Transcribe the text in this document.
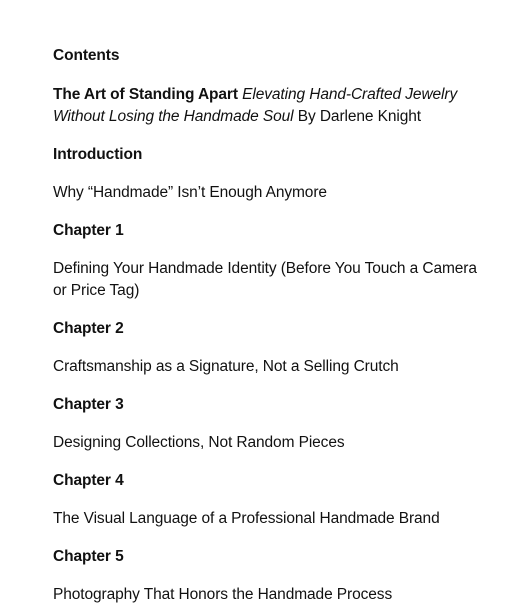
Contents

The Art of Standing Apart Elevating Hand-Crafted Jewelry Without Losing the Handmade Soul By Darlene Knight

Introduction

Why “Handmade” Isn’t Enough Anymore

Chapter 1

Defining Your Handmade Identity (Before You Touch a Camera or Price Tag)

Chapter 2

Craftsmanship as a Signature, Not a Selling Crutch

Chapter 3

Designing Collections, Not Random Pieces

Chapter 4

The Visual Language of a Professional Handmade Brand

Chapter 5

Photography That Honors the Handmade Process
